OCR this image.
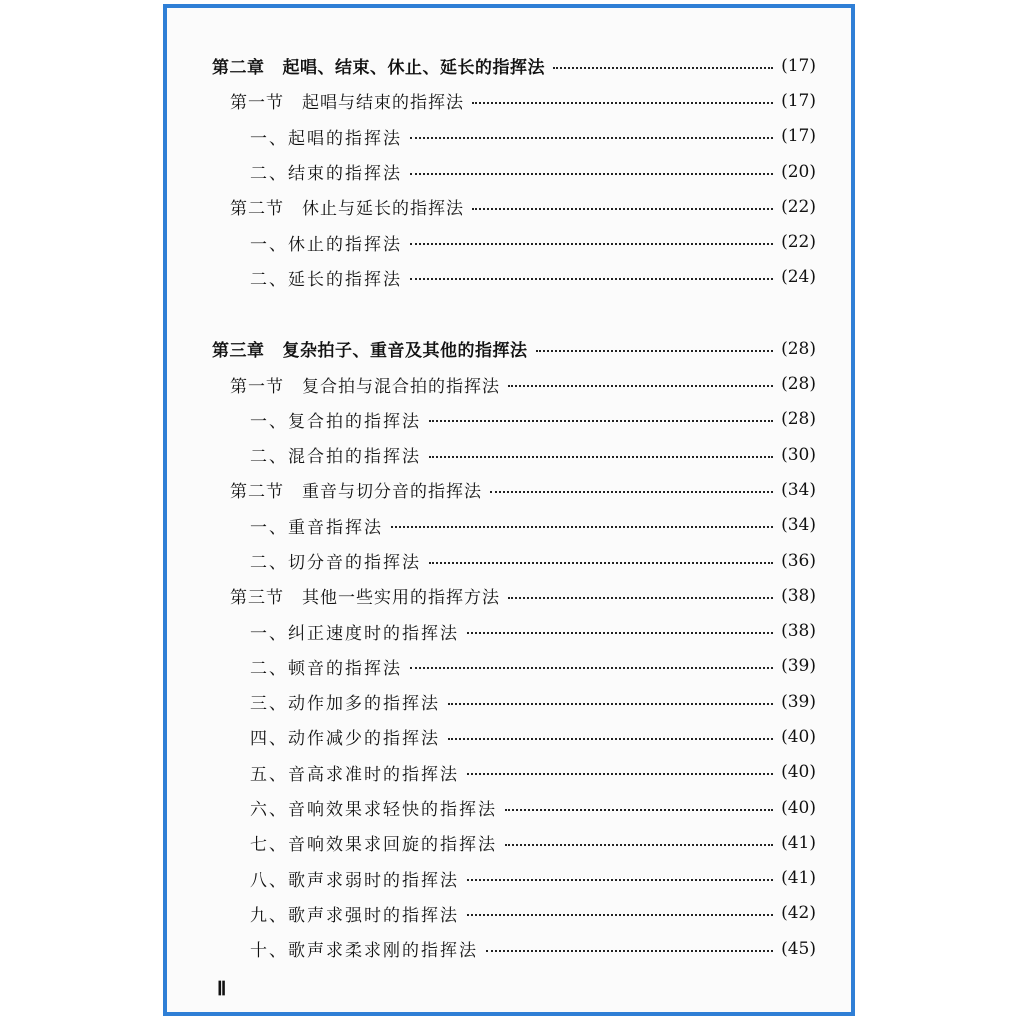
第二章 起唱、结束、休止、延长的指挥法	(17)
第一节 起唱与结束的指挥法	(17)
一、起唱的指挥法	(17)
二、结束的指挥法	(20)
第二节 休止与延长的指挥法	(22)
一、休止的指挥法	(22)
二、延长的指挥法	(24)
第三章 复杂拍子、重音及其他的指挥法	(28)
第一节 复合拍与混合拍的指挥法	(28)
一、复合拍的指挥法	(28)
二、混合拍的指挥法	(30)
第二节 重音与切分音的指挥法	(34)
一、重音指挥法	(34)
二、切分音的指挥法	(36)
第三节 其他一些实用的指挥方法	(38)
一、纠正速度时的指挥法	(38)
二、顿音的指挥法	(39)
三、动作加多的指挥法	(39)
四、动作减少的指挥法	(40)
五、音高求准时的指挥法	(40)
六、音响效果求轻快的指挥法	(40)
七、音响效果求回旋的指挥法	(41)
八、歌声求弱时的指挥法	(41)
九、歌声求强时的指挥法	(42)
十、歌声求柔求刚的指挥法	(45)
Ⅱ
